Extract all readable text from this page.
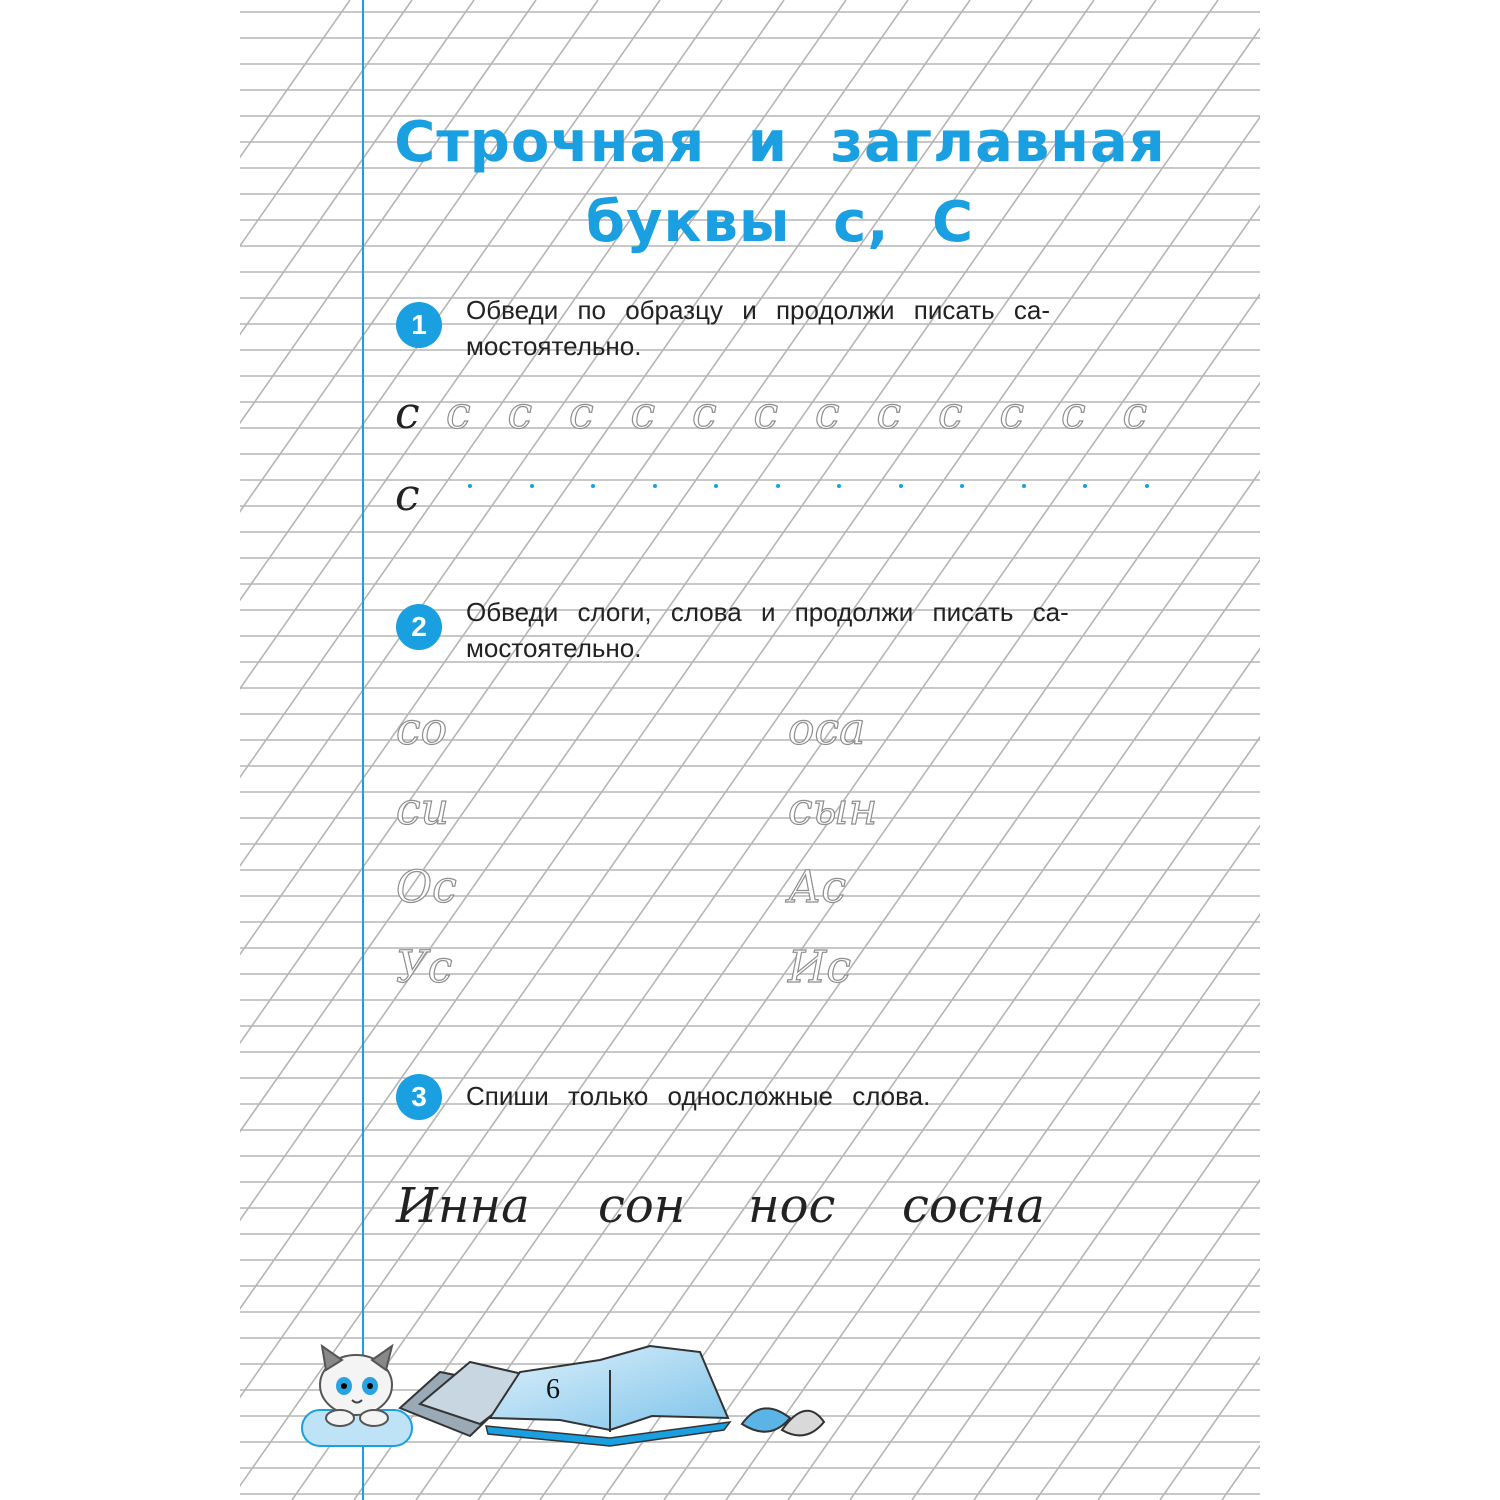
Строчная и заглавная
буквы с, С
1	Обведи по образцу и продолжи писать са-

мостоятельно.

с с с с с с с с с с с с с
с
2	Обведи слоги, слова и продолжи писать са-

мостоятельно.

со
си
Ос
Ус
оса
сын
Ас
Ис
3	Спиши только односложные слова.

Инна сон нос сосна
6
